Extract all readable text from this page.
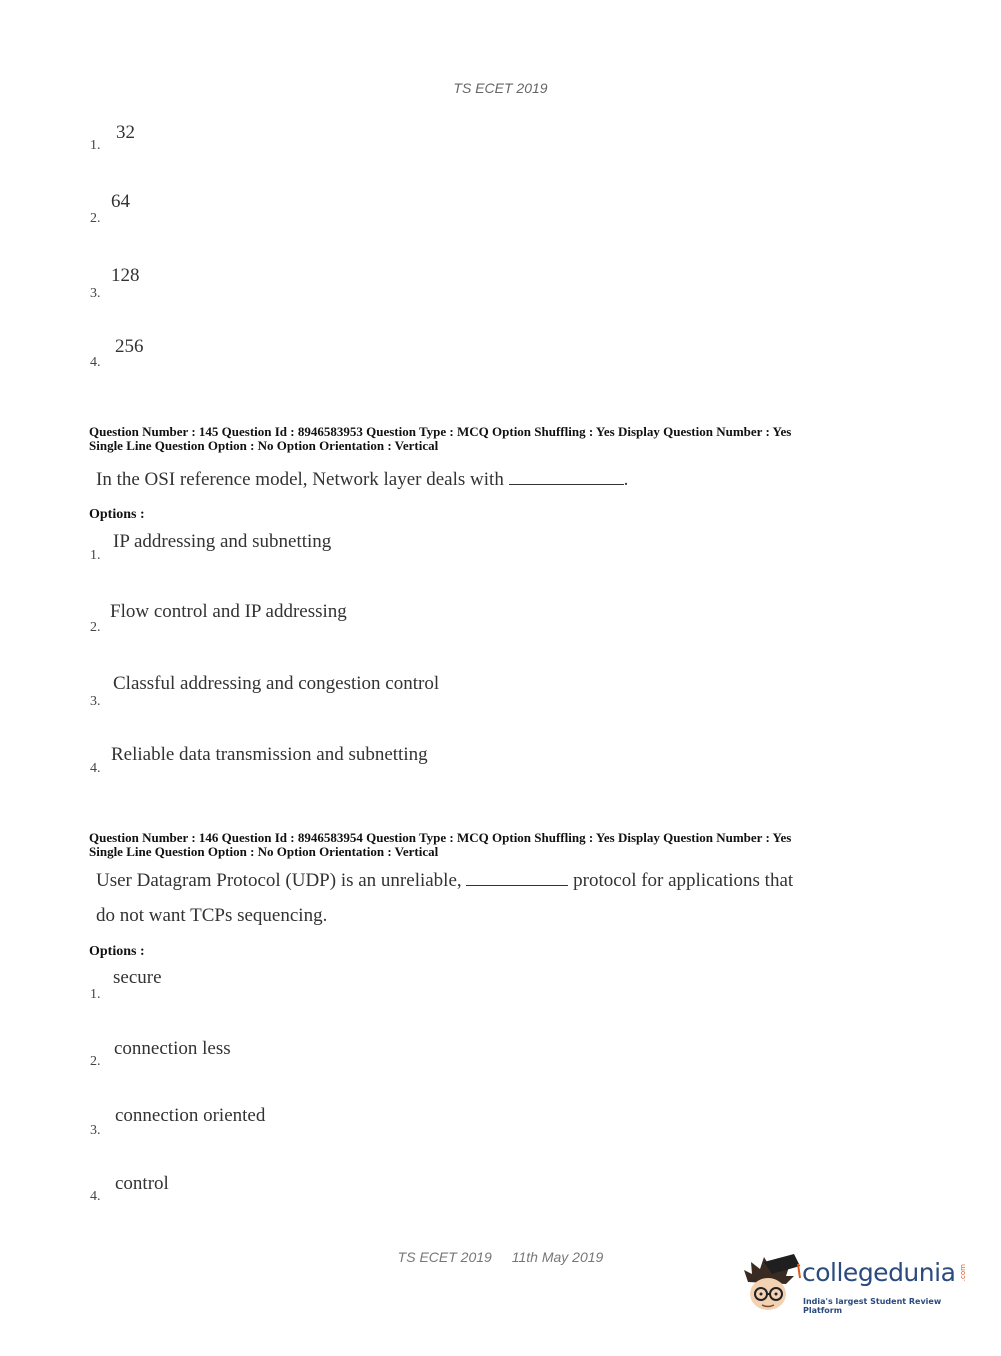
TS ECET 2019
1.
32
2.
64
3.
128
4.
256
Question Number : 145 Question Id : 8946583953 Question Type : MCQ Option Shuffling : Yes Display Question Number : Yes
Single Line Question Option : No Option Orientation : Vertical
In the OSI reference model, Network layer deals with	.
Options :
1.
IP addressing and subnetting
2.
Flow control and IP addressing
3.
Classful addressing and congestion control
4.
Reliable data transmission and subnetting
Question Number : 146 Question Id : 8946583954 Question Type : MCQ Option Shuffling : Yes Display Question Number : Yes
Single Line Question Option : No Option Orientation : Vertical
User Datagram Protocol (UDP) is an unreliable,	protocol for applications that
do not want TCPs sequencing.
Options :
1.
secure
2.
connection less
3.
connection oriented
4.
control
TS ECET 2019 11th May 2019
collegedunia .com
India's largest Student Review Platform
